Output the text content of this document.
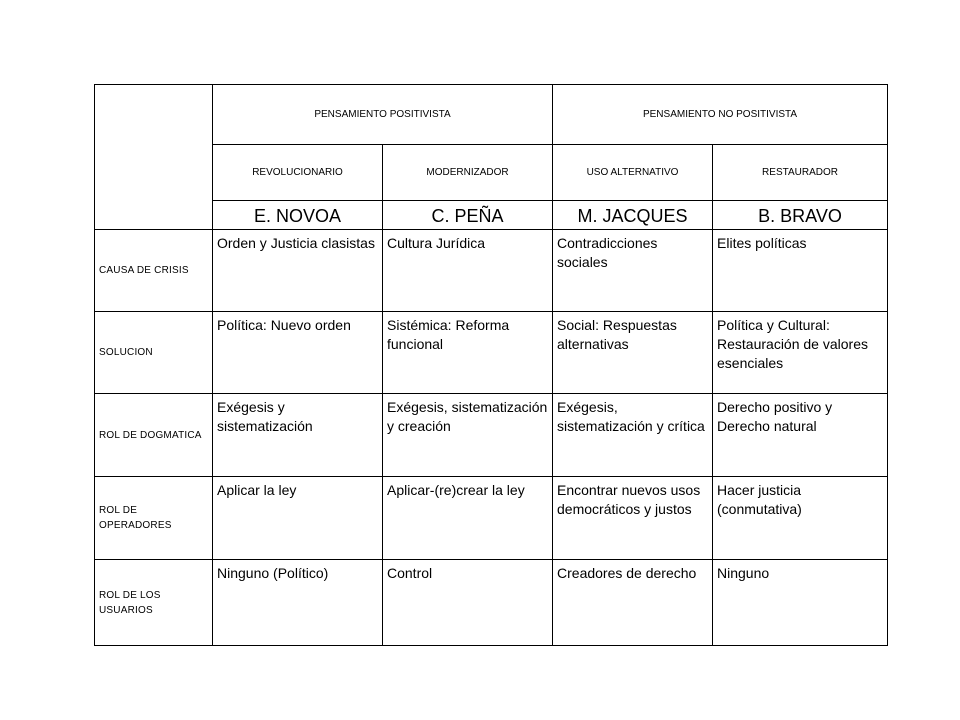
	PENSAMIENTO POSITIVISTA		PENSAMIENTO NO POSITIVISTA	
	REVOLUCIONARIO	MODERNIZADOR	USO ALTERNATIVO	RESTAURADOR
	E. NOVOA	C. PEÑA	M. JACQUES	B. BRAVO
CAUSA DE CRISIS	Orden y Justicia clasistas	Cultura Jurídica	Contradicciones sociales	Elites políticas
SOLUCION	Política: Nuevo orden	Sistémica: Reforma funcional	Social: Respuestas alternativas	Política y Cultural: Restauración de valores esenciales
ROL DE DOGMATICA	Exégesis y sistematización	Exégesis, sistematización y creación	Exégesis, sistematización y crítica	Derecho positivo y Derecho natural
ROL DE OPERADORES	Aplicar la ley	Aplicar-(re)crear la ley	Encontrar nuevos usos democráticos y justos	Hacer justicia (conmutativa)
ROL DE LOS USUARIOS	Ninguno (Político)	Control	Creadores de derecho	Ninguno
